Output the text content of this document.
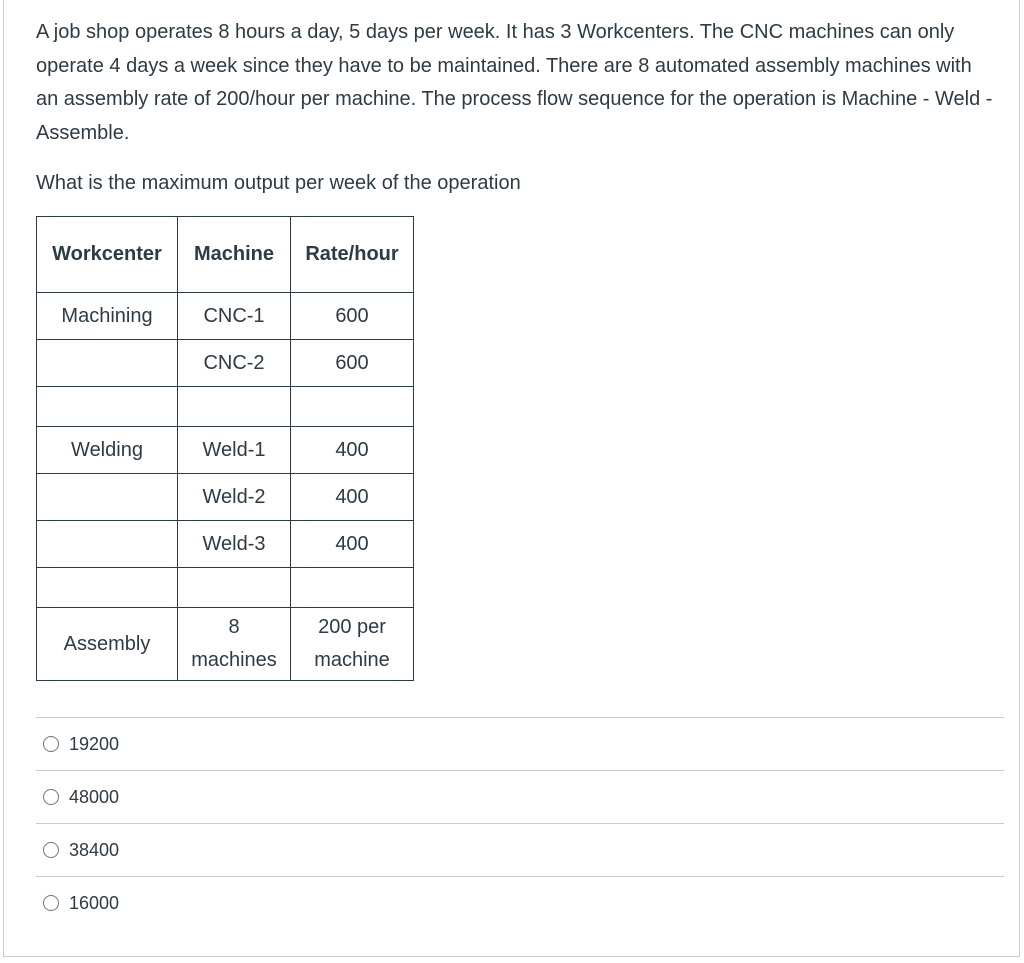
A job shop operates 8 hours a day, 5 days per week. It has 3 Workcenters. The CNC machines can only operate 4 days a week since they have to be maintained. There are 8 automated assembly machines with an assembly rate of 200/hour per machine. The process flow sequence for the operation is Machine - Weld - Assemble.

What is the maximum output per week of the operation

Workcenter	Machine	Rate/hour
Machining	CNC-1	600
	CNC-2	600

Welding	Weld-1	400
	Weld-2	400
	Weld-3	400

Assembly	8 machines	200 per machine
19200
48000
38400
16000
